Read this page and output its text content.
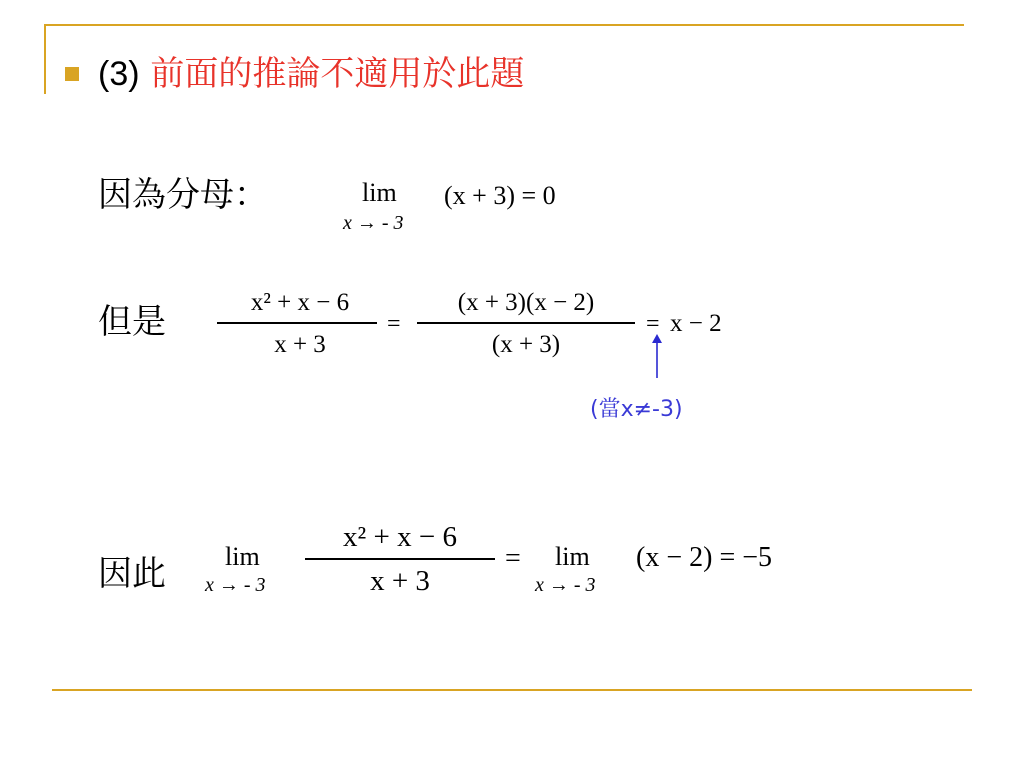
(3) 前面的推論不適用於此題
因為分母：	lim
x → - 3
(x + 3) = 0
但是	x² + x − 6
x + 3
=
(x + 3)(x − 2)
(x + 3)
= x − 2
(當x≠-3)
因此 lim
x → - 3
x² + x − 6
x + 3
= lim
x → - 3
(x − 2) = −5
